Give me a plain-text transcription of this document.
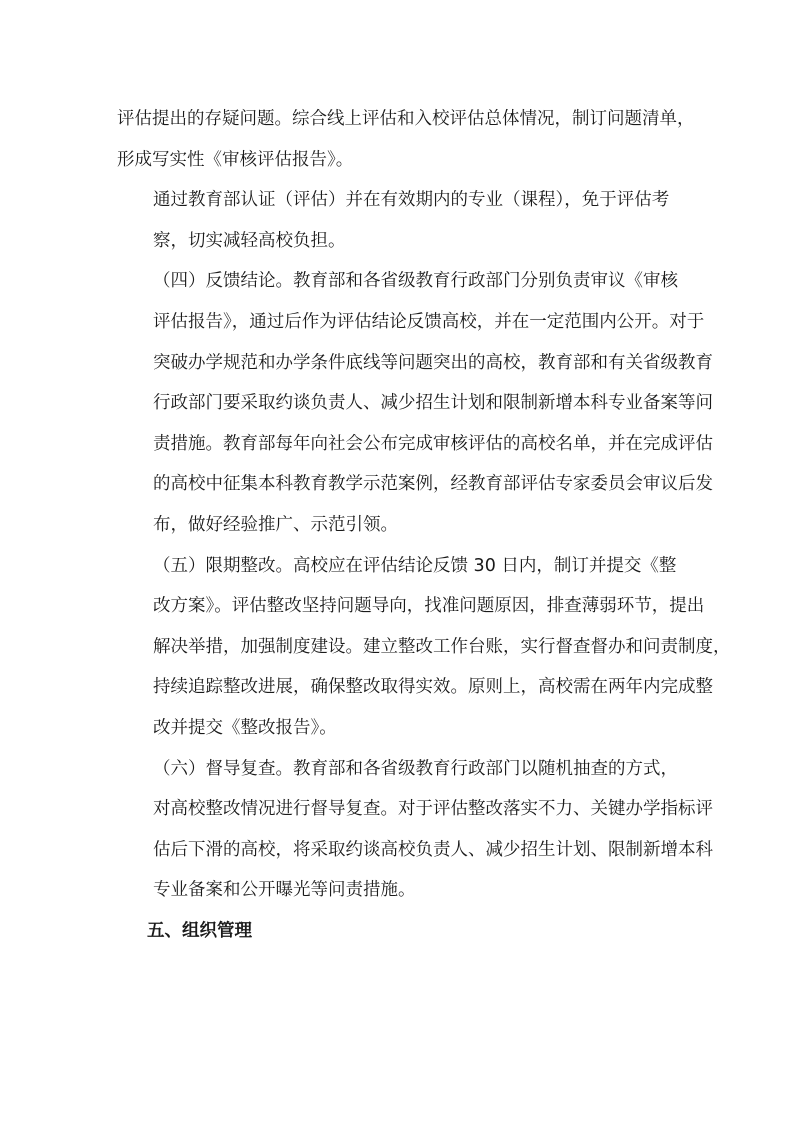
评估提出的存疑问题。综合线上评估和入校评估总体情况，制订问题清单，
形成写实性《审核评估报告》。
通过教育部认证（评估）并在有效期内的专业（课程），免于评估考
察，切实减轻高校负担。
（四）反馈结论。教育部和各省级教育行政部门分别负责审议《审核
评估报告》，通过后作为评估结论反馈高校，并在一定范围内公开。对于
突破办学规范和办学条件底线等问题突出的高校，教育部和有关省级教育
行政部门要采取约谈负责人、减少招生计划和限制新增本科专业备案等问
责措施。教育部每年向社会公布完成审核评估的高校名单，并在完成评估
的高校中征集本科教育教学示范案例，经教育部评估专家委员会审议后发
布，做好经验推广、示范引领。
（五）限期整改。高校应在评估结论反馈 30 日内，制订并提交《整
改方案》。评估整改坚持问题导向，找准问题原因，排查薄弱环节，提出
解决举措，加强制度建设。建立整改工作台账，实行督查督办和问责制度，
持续追踪整改进展，确保整改取得实效。原则上，高校需在两年内完成整
改并提交《整改报告》。
（六）督导复查。教育部和各省级教育行政部门以随机抽查的方式，
对高校整改情况进行督导复查。对于评估整改落实不力、关键办学指标评
估后下滑的高校，将采取约谈高校负责人、减少招生计划、限制新增本科
专业备案和公开曝光等问责措施。
五、组织管理
